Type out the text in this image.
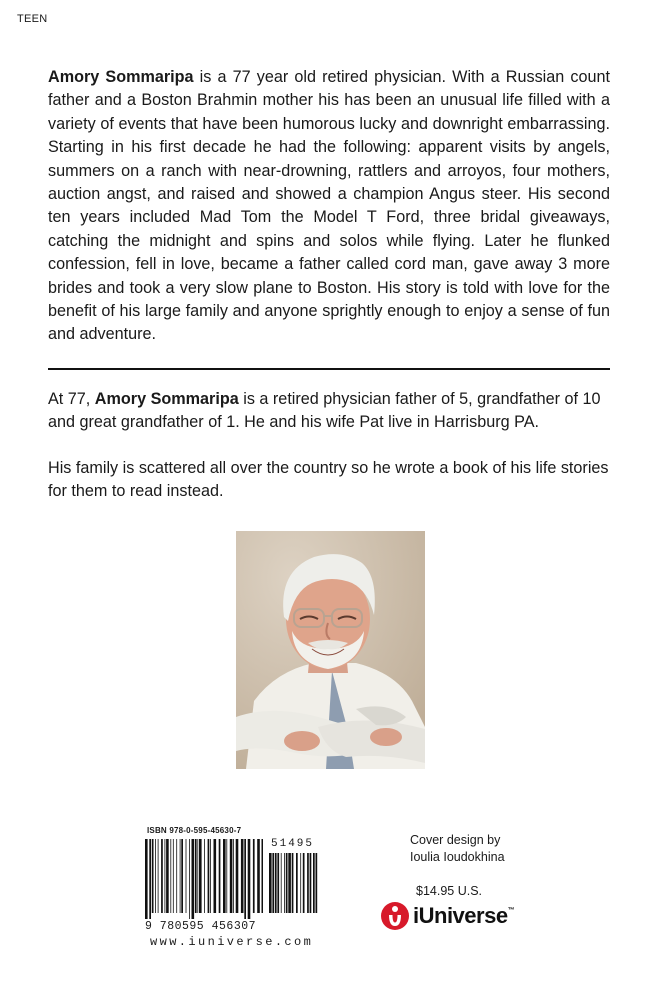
TEEN

Amory Sommaripa is a 77 year old retired physician. With a Russian count father and a Boston Brahmin mother his has been an unusual life filled with a variety of events that have been humorous lucky and downright embarrassing. Starting in his first decade he had the following: apparent visits by angels, summers on a ranch with near-drowning, rattlers and arroyos, four mothers, auction angst, and raised and showed a champion Angus steer. His second ten years included Mad Tom the Model T Ford, three bridal giveaways, catching the midnight and spins and solos while flying. Later he flunked confession, fell in love, became a father called cord man, gave away 3 more brides and took a very slow plane to Boston. His story is told with love for the benefit of his large family and anyone sprightly enough to enjoy a sense of fun and adventure.

At 77, Amory Sommaripa is a retired physician father of 5, grandfather of 10 and great grandfather of 1. He and his wife Pat live in Harrisburg PA.

His family is scattered all over the country so he wrote a book of his life stories for them to read instead.

ISBN 978-0-595-45630-7
51495
9 780595 456307
www.iuniverse.com
Cover design by
Ioulia Ioudokhina
$14.95 U.S.
iUniverse™
